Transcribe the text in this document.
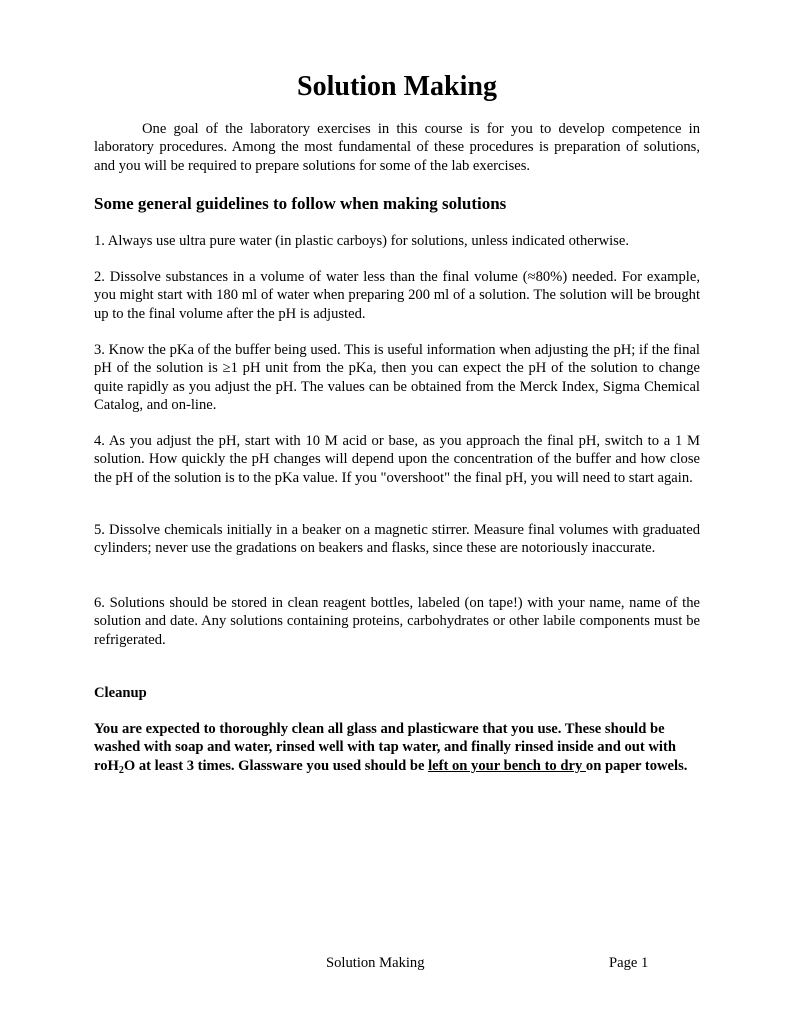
Solution Making

One goal of the laboratory exercises in this course is for you to develop competence in laboratory procedures. Among the most fundamental of these procedures is preparation of solutions, and you will be required to prepare solutions for some of the lab exercises.

Some general guidelines to follow when making solutions

1. Always use ultra pure water (in plastic carboys) for solutions, unless indicated otherwise.

2. Dissolve substances in a volume of water less than the final volume (≈80%) needed. For example, you might start with 180 ml of water when preparing 200 ml of a solution. The solution will be brought up to the final volume after the pH is adjusted.

3. Know the pKa of the buffer being used. This is useful information when adjusting the pH; if the final pH of the solution is ≥1 pH unit from the pKa, then you can expect the pH of the solution to change quite rapidly as you adjust the pH. The values can be obtained from the Merck Index, Sigma Chemical Catalog, and on-line.

4. As you adjust the pH, start with 10 M acid or base, as you approach the final pH, switch to a 1 M solution. How quickly the pH changes will depend upon the concentration of the buffer and how close the pH of the solution is to the pKa value. If you "overshoot" the final pH, you will need to start again.

5. Dissolve chemicals initially in a beaker on a magnetic stirrer. Measure final volumes with graduated cylinders; never use the gradations on beakers and flasks, since these are notoriously inaccurate.

6. Solutions should be stored in clean reagent bottles, labeled (on tape!) with your name, name of the solution and date. Any solutions containing proteins, carbohydrates or other labile components must be refrigerated.

Cleanup

You are expected to thoroughly clean all glass and plasticware that you use. These should be washed with soap and water, rinsed well with tap water, and finally rinsed inside and out with roH$_2$O at least 3 times. Glassware you used should be left on your bench to dry on paper towels.

Solution Making	Page 1
